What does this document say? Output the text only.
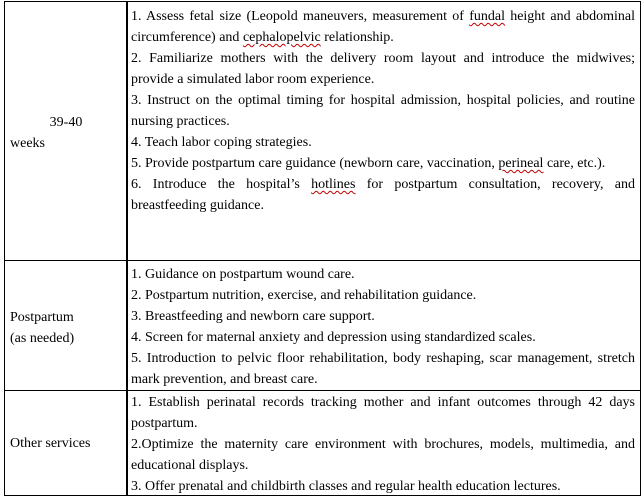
39-40
weeks

1. Assess fetal size (Leopold maneuvers, measurement of fundal height and abdominal circumference) and cephalopelvic relationship.

2. Familiarize mothers with the delivery room layout and introduce the midwives; provide a simulated labor room experience.

3. Instruct on the optimal timing for hospital admission, hospital policies, and routine nursing practices.

4. Teach labor coping strategies.

5. Provide postpartum care guidance (newborn care, vaccination, perineal care, etc.).

6. Introduce the hospital’s hotlines for postpartum consultation, recovery, and breastfeeding guidance.

Postpartum
(as needed)

1. Guidance on postpartum wound care.

2. Postpartum nutrition, exercise, and rehabilitation guidance.

3. Breastfeeding and newborn care support.

4. Screen for maternal anxiety and depression using standardized scales.

5. Introduction to pelvic floor rehabilitation, body reshaping, scar management, stretch mark prevention, and breast care.

Other services

1. Establish perinatal records tracking mother and infant outcomes through 42 days postpartum.

2.Optimize the maternity care environment with brochures, models, multimedia, and educational displays.

3. Offer prenatal and childbirth classes and regular health education lectures.
